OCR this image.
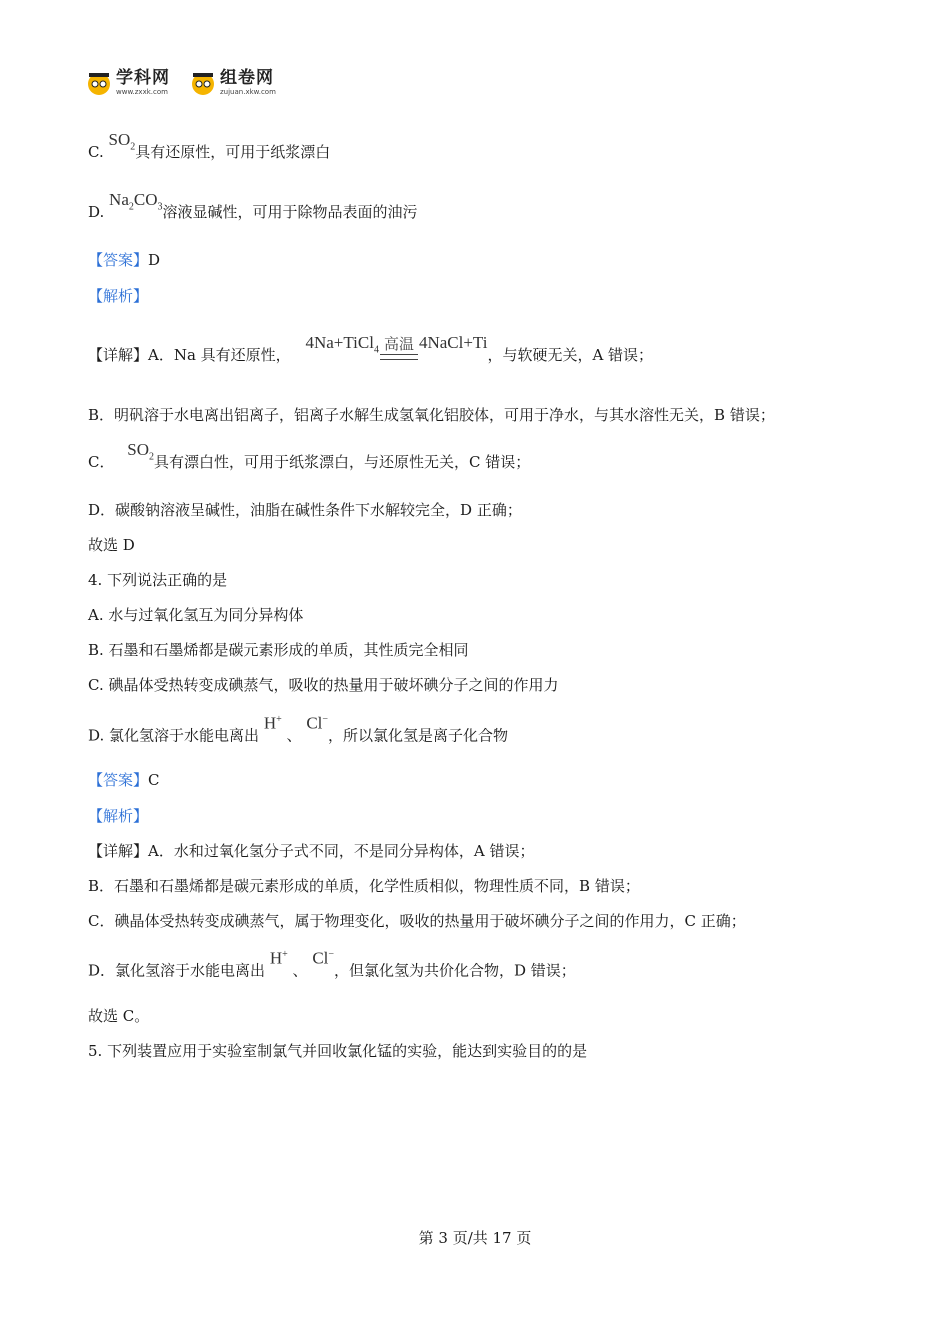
学科网
www.zxxk.com
组卷网
zujuan.xkw.com
C. $SO_2$具有还原性，可用于纸浆漂白
D. $Na_2CO_3$溶液显碱性，可用于除物品表面的油污
【答案】D
【解析】
【详解】A．Na 具有还原性， 4Na+TiCl$_4$ 高温 4NaCl+Ti，与软硬无关，A 错误；
B．明矾溶于水电离出铝离子，铝离子水解生成氢氧化铝胶体，可用于净水，与其水溶性无关，B 错误；
C． $SO_2$具有漂白性，可用于纸浆漂白，与还原性无关，C 错误；
D．碳酸钠溶液呈碱性，油脂在碱性条件下水解较完全，D 正确；
故选 D
4. 下列说法正确的是
A. 水与过氧化氢互为同分异构体
B. 石墨和石墨烯都是碳元素形成的单质，其性质完全相同
C. 碘晶体受热转变成碘蒸气，吸收的热量用于破坏碘分子之间的作用力
D. 氯化氢溶于水能电离出 H+ 、 Cl−，所以氯化氢是离子化合物
【答案】C
【解析】
【详解】A．水和过氧化氢分子式不同，不是同分异构体，A 错误；
B．石墨和石墨烯都是碳元素形成的单质，化学性质相似，物理性质不同，B 错误；
C．碘晶体受热转变成碘蒸气，属于物理变化，吸收的热量用于破坏碘分子之间的作用力，C 正确；
D．氯化氢溶于水能电离出 H+ 、 Cl−，但氯化氢为共价化合物，D 错误；
故选 C。
5. 下列装置应用于实验室制氯气并回收氯化锰的实验，能达到实验目的的是
第 3 页/共 17 页
